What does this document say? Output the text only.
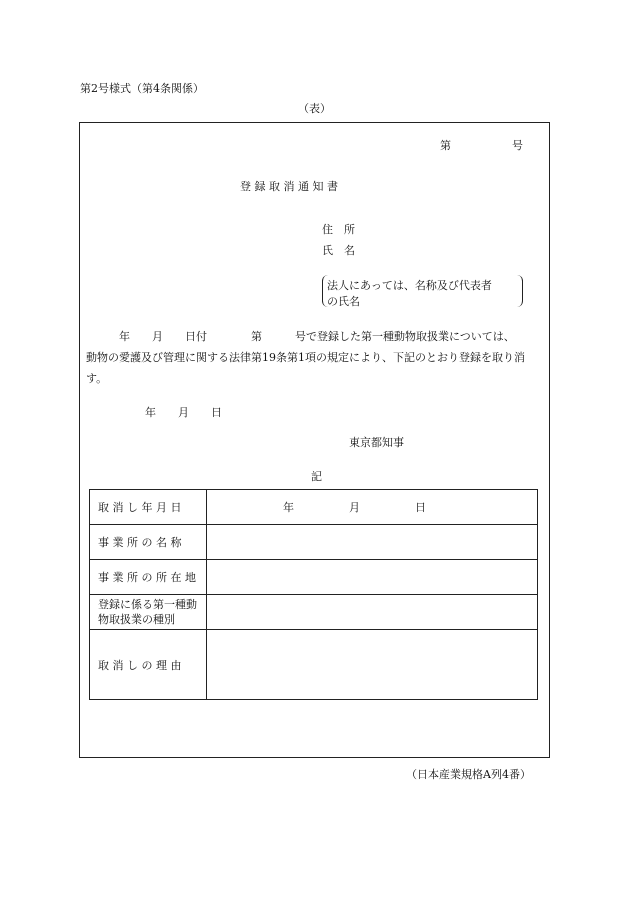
第2号様式（第4条関係）
（表）
第	号
登 録 取 消 通 知 書
住　所
氏　名
法人にあっては、名称及び代表者
の氏名
　　　年　　月　　日付　　　　第　　　号で登録した第一種動物取扱業については、
動物の愛護及び管理に関する法律第19条第1項の規定により、下記のとおり登録を取り消
す。
年　　月　　日
東京都知事
記
取 消 し 年 月 日	年　　　　　月　　　　　日
事 業 所 の 名 称	
事 業 所 の 所 在 地	

登録に係る第一種動
物取扱業の種別	

取 消 し の 理 由	
（日本産業規格A列4番）
